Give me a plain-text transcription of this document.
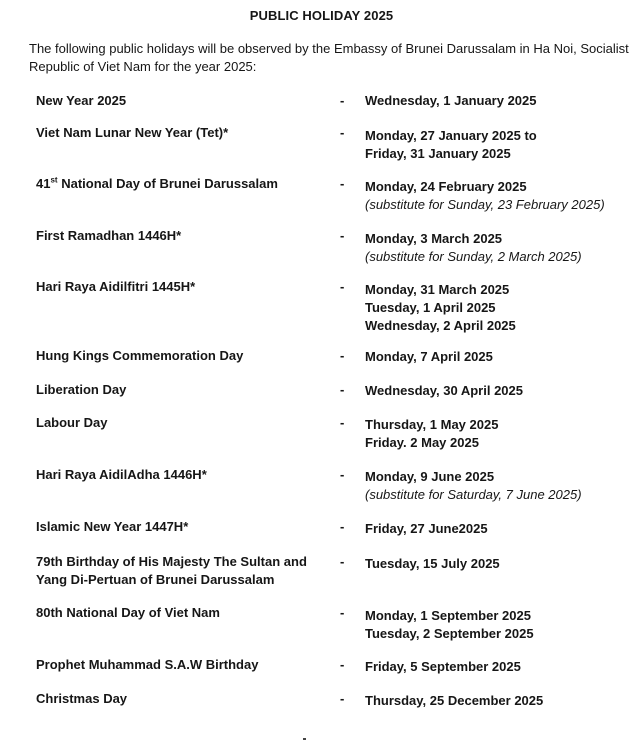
PUBLIC HOLIDAY 2025
The following public holidays will be observed by the Embassy of Brunei Darussalam in Ha Noi, Socialist Republic of Viet Nam for the year 2025:
New Year 2025	- Wednesday, 1 January 2025
Viet Nam Lunar New Year (Tet)*	- Monday, 27 January 2025 to
Friday, 31 January 2025
41st National Day of Brunei Darussalam	- Monday, 24 February 2025
(substitute for Sunday, 23 February 2025)
First Ramadhan 1446H*	- Monday, 3 March 2025
(substitute for Sunday, 2 March 2025)
Hari Raya Aidilfitri 1445H*	- Monday, 31 March 2025
Tuesday, 1 April 2025
Wednesday, 2 April 2025
Hung Kings Commemoration Day	- Monday, 7 April 2025
Liberation Day	- Wednesday, 30 April 2025
Labour Day	- Thursday, 1 May 2025
Friday. 2 May 2025
Hari Raya AidilAdha 1446H*	- Monday, 9 June 2025
(substitute for Saturday, 7 June 2025)
Islamic New Year 1447H*	- Friday, 27 June2025
79th Birthday of His Majesty The Sultan and Yang Di-Pertuan of Brunei Darussalam
- Tuesday, 15 July 2025
80th National Day of Viet Nam	- Monday, 1 September 2025
Tuesday, 2 September 2025
Prophet Muhammad S.A.W Birthday	- Friday, 5 September 2025
Christmas Day	- Thursday, 25 December 2025
